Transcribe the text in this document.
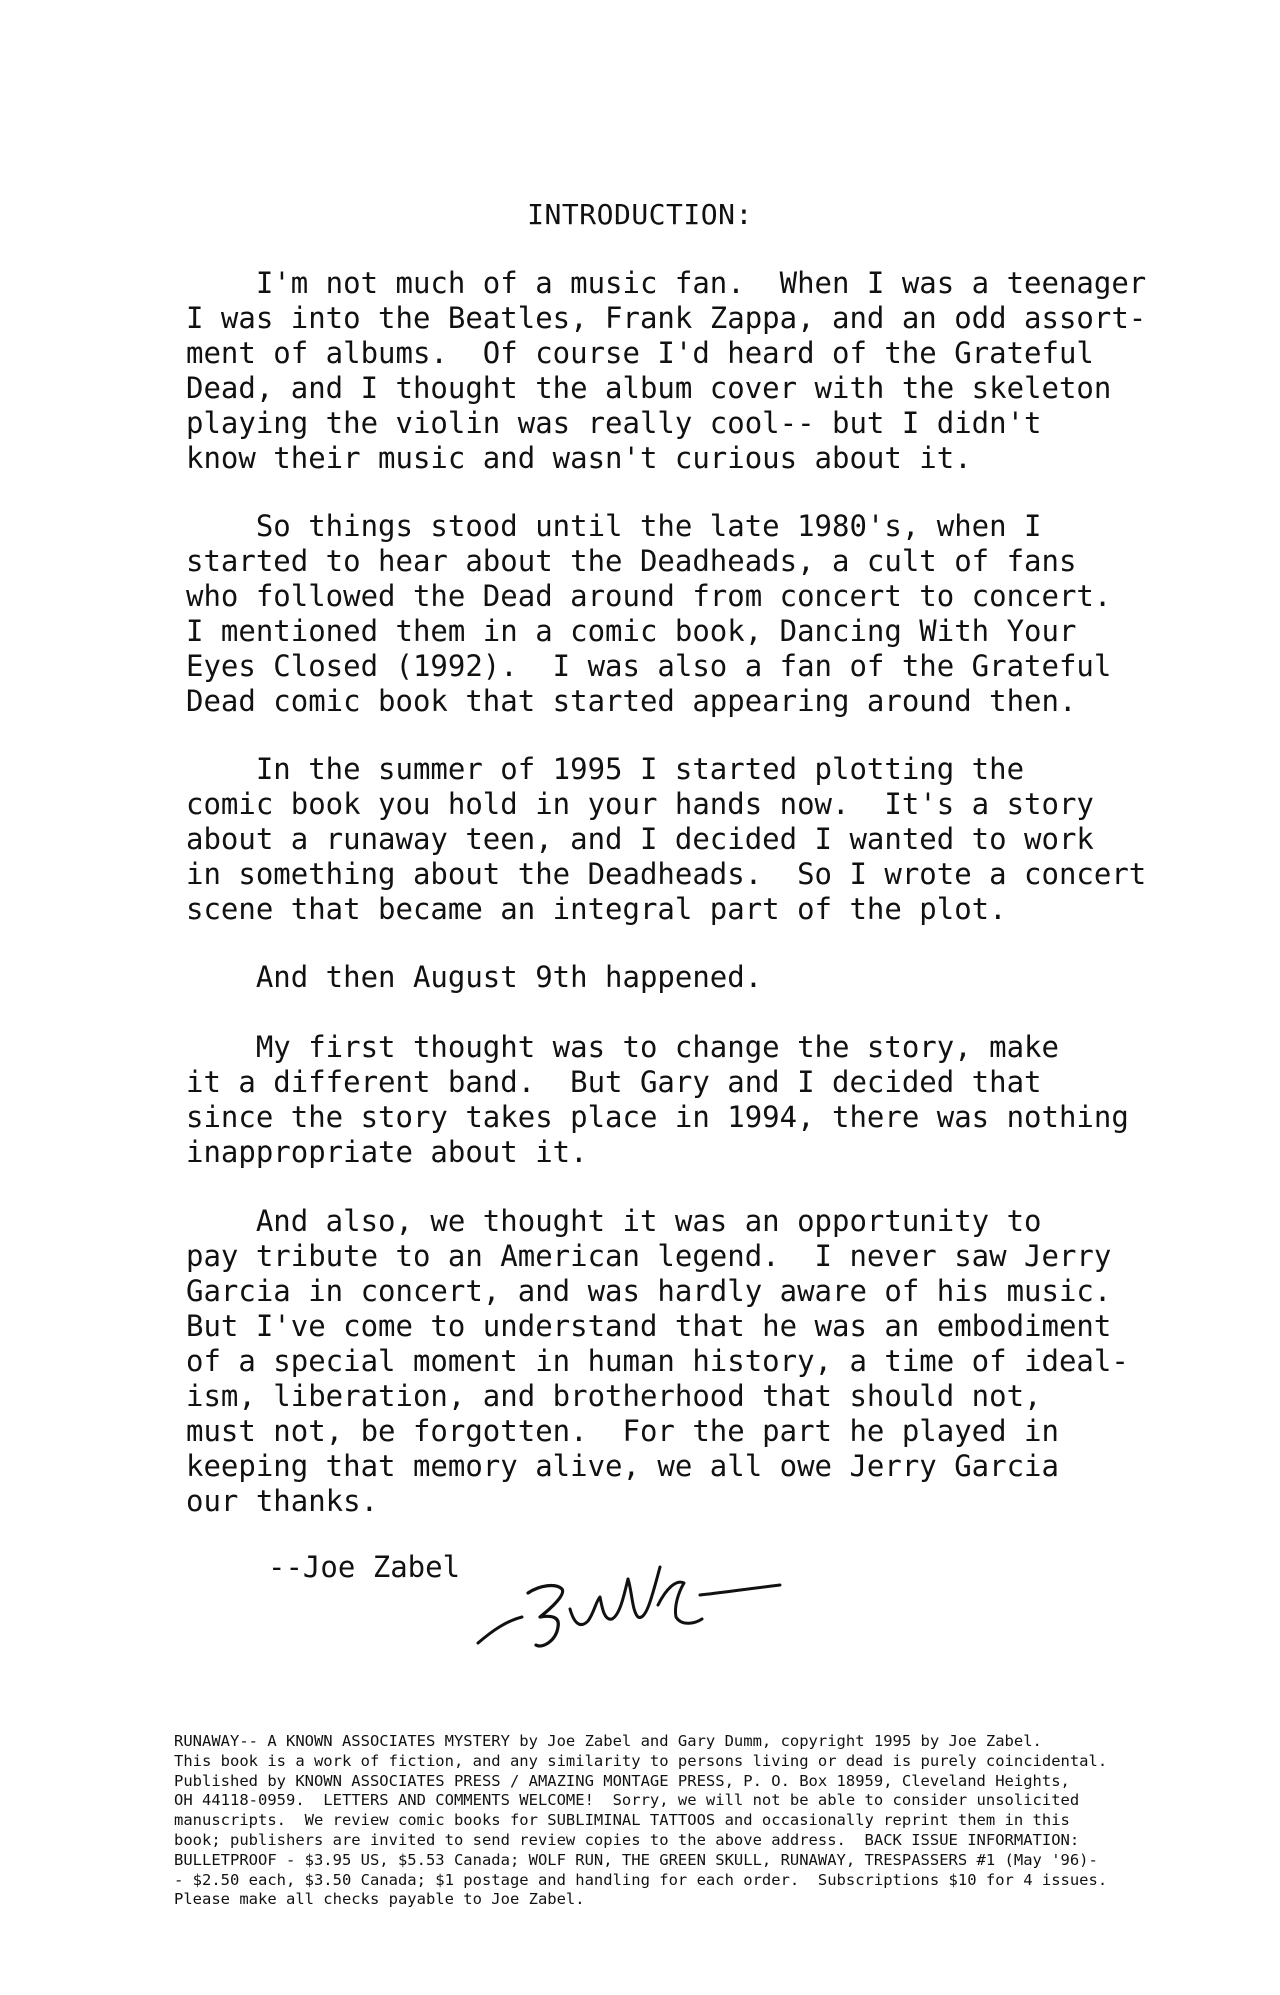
INTRODUCTION:
I'm not much of a music fan.  When I was a teenager
I was into the Beatles, Frank Zappa, and an odd assort-
ment of albums.  Of course I'd heard of the Grateful
Dead, and I thought the album cover with the skeleton
playing the violin was really cool-- but I didn't
know their music and wasn't curious about it.
So things stood until the late 1980's, when I
started to hear about the Deadheads, a cult of fans
who followed the Dead around from concert to concert.
I mentioned them in a comic book, Dancing With Your
Eyes Closed (1992).  I was also a fan of the Grateful
Dead comic book that started appearing around then.
In the summer of 1995 I started plotting the
comic book you hold in your hands now.  It's a story
about a runaway teen, and I decided I wanted to work
in something about the Deadheads.  So I wrote a concert
scene that became an integral part of the plot.
And then August 9th happened.
My first thought was to change the story, make
it a different band.  But Gary and I decided that
since the story takes place in 1994, there was nothing
inappropriate about it.
And also, we thought it was an opportunity to
pay tribute to an American legend.  I never saw Jerry
Garcia in concert, and was hardly aware of his music.
But I've come to understand that he was an embodiment
of a special moment in human history, a time of ideal-
ism, liberation, and brotherhood that should not,
must not, be forgotten.  For the part he played in
keeping that memory alive, we all owe Jerry Garcia
our thanks.
--Joe Zabel
RUNAWAY-- A KNOWN ASSOCIATES MYSTERY by Joe Zabel and Gary Dumm, copyright 1995 by Joe Zabel.
This book is a work of fiction, and any similarity to persons living or dead is purely coincidental.
Published by KNOWN ASSOCIATES PRESS / AMAZING MONTAGE PRESS, P. O. Box 18959, Cleveland Heights,
OH 44118-0959.  LETTERS AND COMMENTS WELCOME!  Sorry, we will not be able to consider unsolicited
manuscripts.  We review comic books for SUBLIMINAL TATTOOS and occasionally reprint them in this
book; publishers are invited to send review copies to the above address.  BACK ISSUE INFORMATION:
BULLETPROOF - $3.95 US, $5.53 Canada; WOLF RUN, THE GREEN SKULL, RUNAWAY, TRESPASSERS #1 (May '96)-
- $2.50 each, $3.50 Canada; $1 postage and handling for each order.  Subscriptions $10 for 4 issues.
Please make all checks payable to Joe Zabel.
